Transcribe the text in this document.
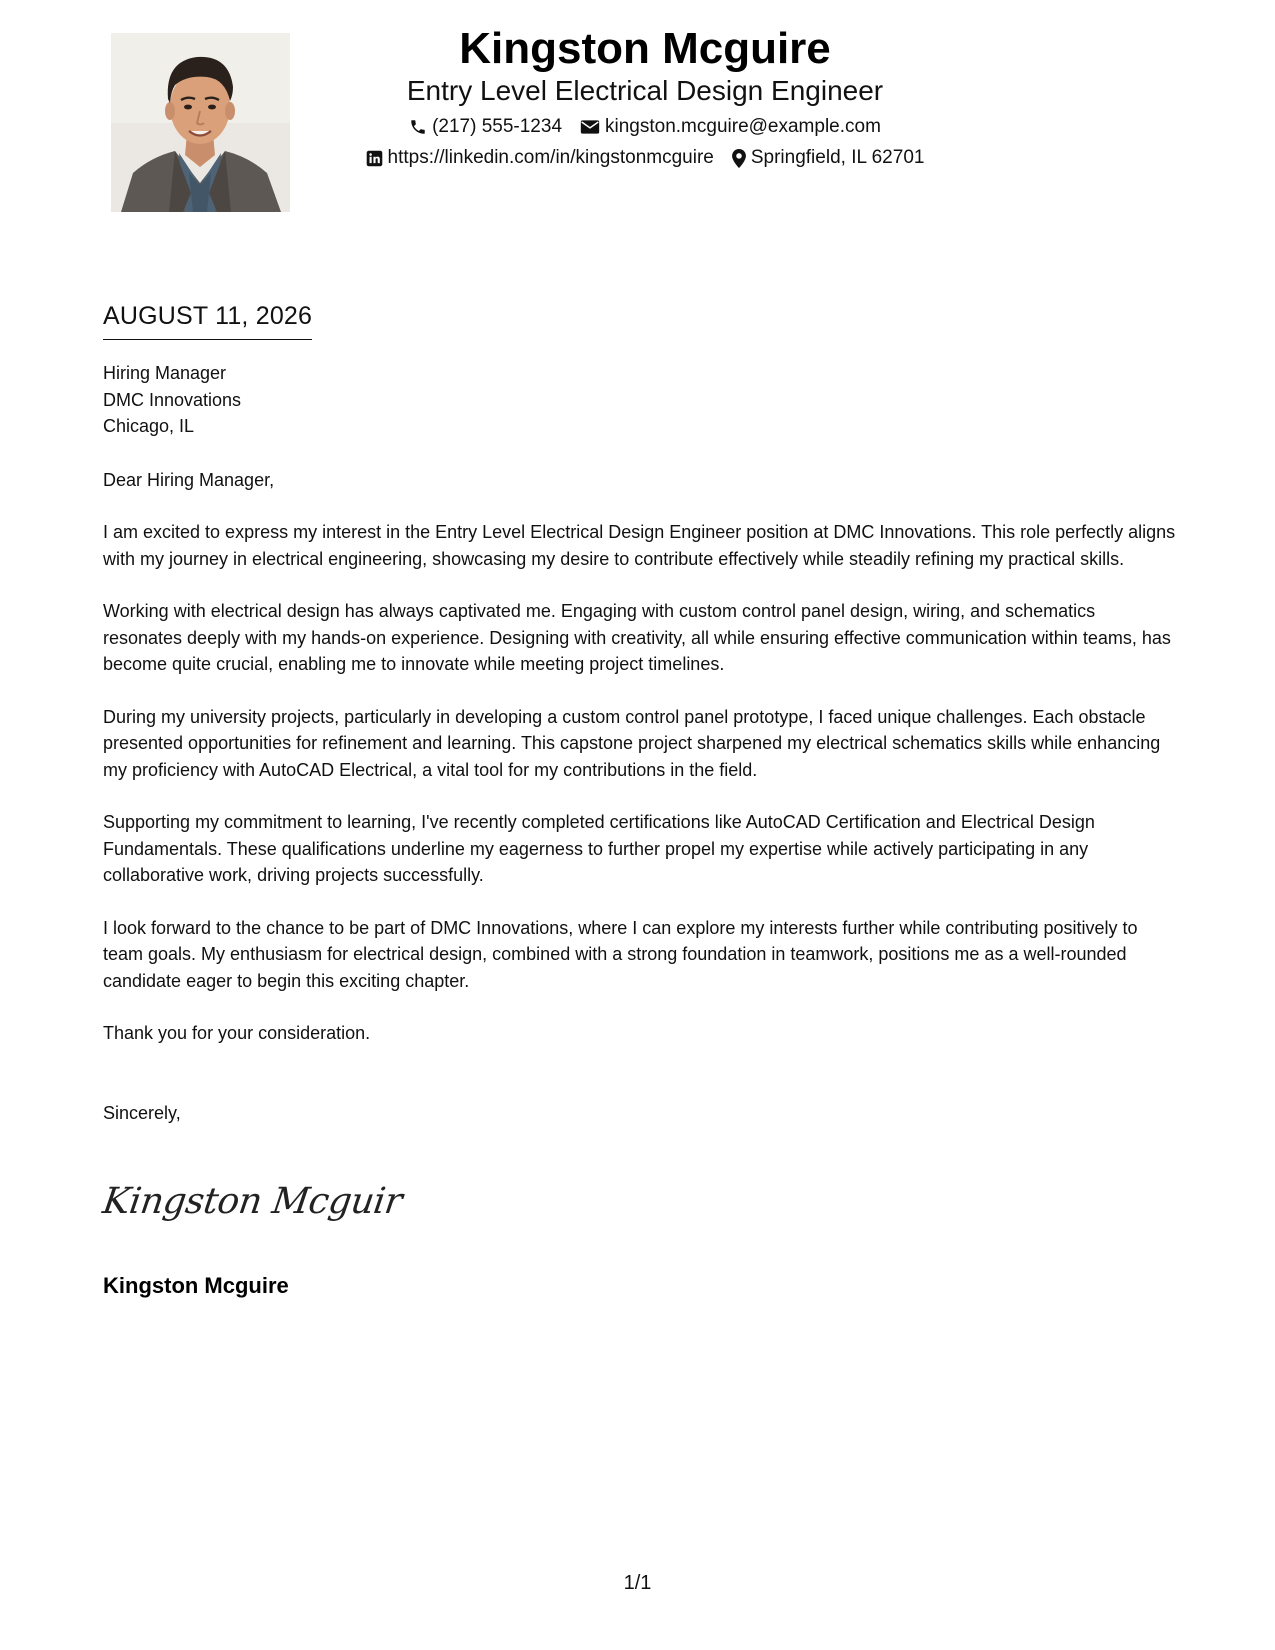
Kingston Mcguire
Entry Level Electrical Design Engineer
(217) 555-1234 kingston.mcguire@example.com
https://linkedin.com/in/kingstonmcguire Springfield, IL 62701
AUGUST 11, 2026
Hiring Manager
DMC Innovations
Chicago, IL
Dear Hiring Manager,

I am excited to express my interest in the Entry Level Electrical Design Engineer position at DMC Innovations. This role perfectly aligns with my journey in electrical engineering, showcasing my desire to contribute effectively while steadily refining my practical skills.

Working with electrical design has always captivated me. Engaging with custom control panel design, wiring, and schematics resonates deeply with my hands-on experience. Designing with creativity, all while ensuring effective communication within teams, has become quite crucial, enabling me to innovate while meeting project timelines.

During my university projects, particularly in developing a custom control panel prototype, I faced unique challenges. Each obstacle presented opportunities for refinement and learning. This capstone project sharpened my electrical schematics skills while enhancing my proficiency with AutoCAD Electrical, a vital tool for my contributions in the field.

Supporting my commitment to learning, I've recently completed certifications like AutoCAD Certification and Electrical Design Fundamentals. These qualifications underline my eagerness to further propel my expertise while actively participating in any collaborative work, driving projects successfully.

I look forward to the chance to be part of DMC Innovations, where I can explore my interests further while contributing positively to team goals. My enthusiasm for electrical design, combined with a strong foundation in teamwork, positions me as a well-rounded candidate eager to begin this exciting chapter.

Thank you for your consideration.
Sincerely,
Kingston Mcguir
Kingston Mcguire
1/1
